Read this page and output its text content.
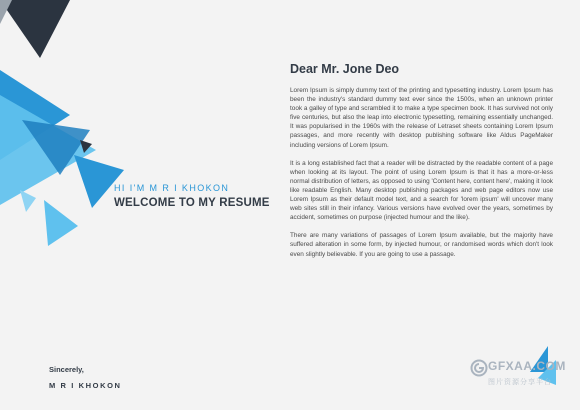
HI I'M M R I KHOKON
WELCOME TO MY RESUME
Sincerely,
M R I KHOKON
Dear Mr. Jone Deo

Lorem Ipsum is simply dummy text of the printing and typesetting industry. Lorem Ipsum has been the industry's standard dummy text ever since the 1500s, when an unknown printer took a galley of type and scrambled it to make a type specimen book. It has survived not only five centuries, but also the leap into electronic typesetting, remaining essentially unchanged. It was popularised in the 1960s with the release of Letraset sheets containing Lorem Ipsum passages, and more recently with desktop publishing software like Aldus PageMaker including versions of Lorem Ipsum.

It is a long established fact that a reader will be distracted by the readable content of a page when looking at its layout. The point of using Lorem Ipsum is that it has a more-or-less normal distribution of letters, as opposed to using 'Content here, content here', making it look like readable English. Many desktop publishing packages and web page editors now use Lorem Ipsum as their default model text, and a search for 'lorem ipsum' will uncover many web sites still in their infancy. Various versions have evolved over the years, sometimes by accident, sometimes on purpose (injected humour and the like).

There are many variations of passages of Lorem Ipsum available, but the majority have suffered alteration in some form, by injected humour, or randomised words which don't look even slightly believable. If you are going to use a passage.

GFXAA.COM
图片资源分享平台
